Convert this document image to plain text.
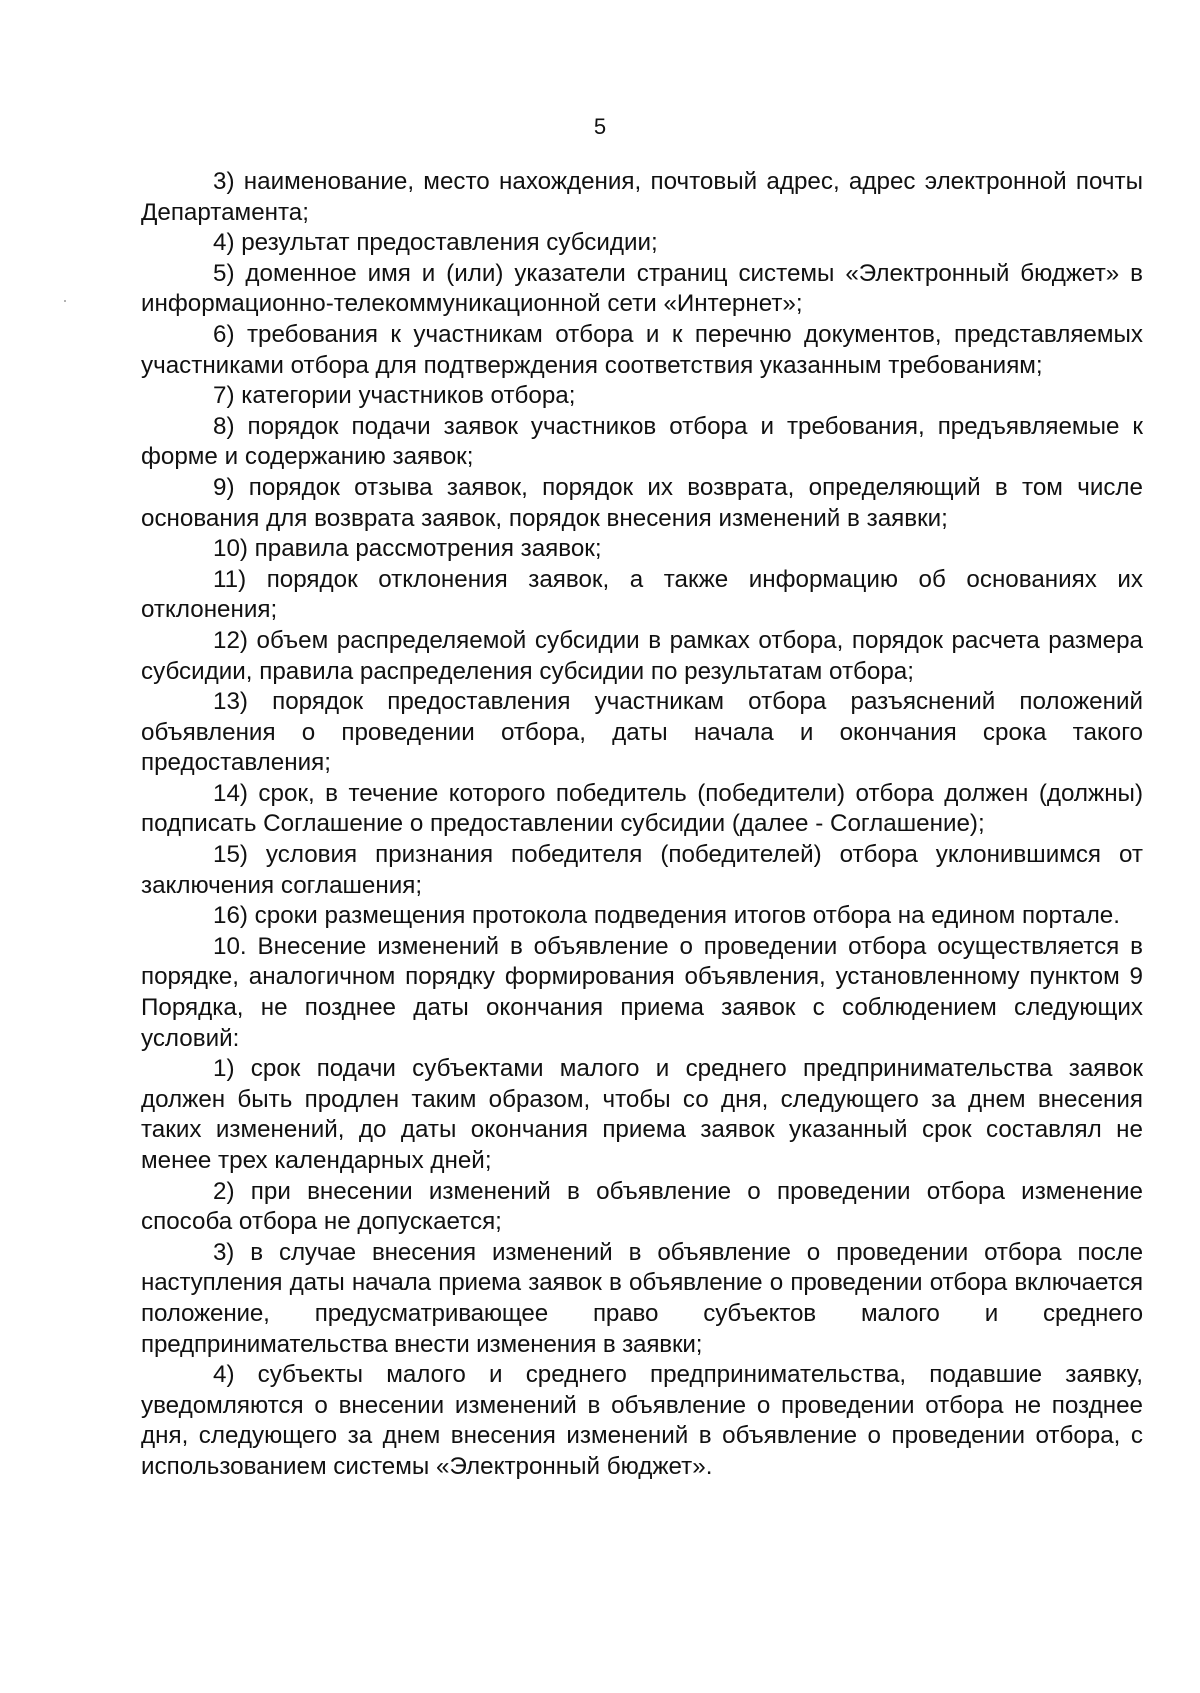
5

3) наименование, место нахождения, почтовый адрес, адрес электронной почты Департамента;

4) результат предоставления субсидии;

5) доменное имя и (или) указатели страниц системы «Электронный бюджет» в информационно-телекоммуникационной сети «Интернет»;

6) требования к участникам отбора и к перечню документов, представляемых участниками отбора для подтверждения соответствия указанным требованиям;

7) категории участников отбора;

8) порядок подачи заявок участников отбора и требования, предъявляемые к форме и содержанию заявок;

9) порядок отзыва заявок, порядок их возврата, определяющий в том числе основания для возврата заявок, порядок внесения изменений в заявки;

10) правила рассмотрения заявок;

11) порядок отклонения заявок, а также информацию об основаниях их отклонения;

12) объем распределяемой субсидии в рамках отбора, порядок расчета размера субсидии, правила распределения субсидии по результатам отбора;

13) порядок предоставления участникам отбора разъяснений положений объявления о проведении отбора, даты начала и окончания срока такого предоставления;

14) срок, в течение которого победитель (победители) отбора должен (должны) подписать Соглашение о предоставлении субсидии (далее - Соглашение);

15) условия признания победителя (победителей) отбора уклонившимся от заключения соглашения;

16) сроки размещения протокола подведения итогов отбора на едином портале.

10. Внесение изменений в объявление о проведении отбора осуществляется в порядке, аналогичном порядку формирования объявления, установленному пунктом 9 Порядка, не позднее даты окончания приема заявок с соблюдением следующих условий:

1) срок подачи субъектами малого и среднего предпринимательства заявок должен быть продлен таким образом, чтобы со дня, следующего за днем внесения таких изменений, до даты окончания приема заявок указанный срок составлял не менее трех календарных дней;

2) при внесении изменений в объявление о проведении отбора изменение способа отбора не допускается;

3) в случае внесения изменений в объявление о проведении отбора после наступления даты начала приема заявок в объявление о проведении отбора включается положение, предусматривающее право субъектов малого и среднего предпринимательства внести изменения в заявки;

4) субъекты малого и среднего предпринимательства, подавшие заявку, уведомляются о внесении изменений в объявление о проведении отбора не позднее дня, следующего за днем внесения изменений в объявление о проведении отбора, с использованием системы «Электронный бюджет».
